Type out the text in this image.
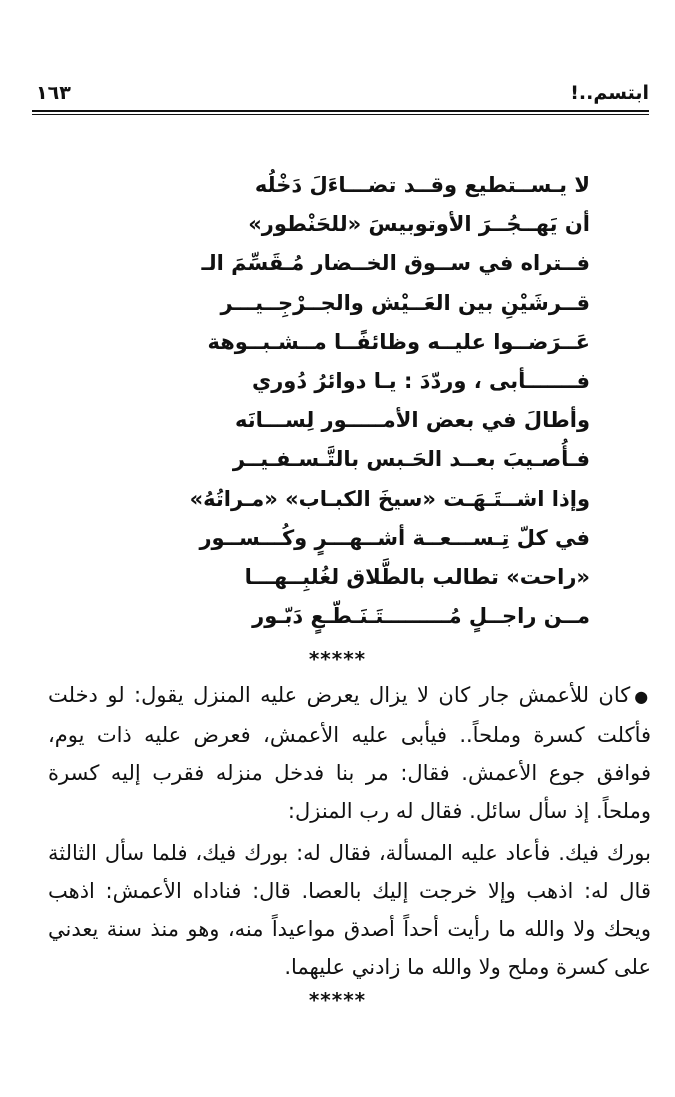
ابتسم..!
١٦٣
لا يـســتطيع وقــد تضـــاءَلَ دَخْلُه
أن يَهــجُــرَ الأوتوبيسَ «للحَنْطور»
فــتراه في ســوق الخــضار مُـقَسِّمَ الـ
قــرشَيْنِ بين العَــيْش والجــرْجِــيـــر
عَــرَضــوا عليــه وظائفًــا مــشـبــوهة
فـــــــأبى ، وردّدَ : يـا دوائرُ دُوري
وأطالَ في بعض الأمـــــور لِســـانَه
فـأُصـيبَ بعــد الحَـبس بالتَّـسـفـيــر
وإذا اشــتَـهَـت «سيخَ الكبـاب» «مـراتُهُ»
في كلّ تِـســـعــة أشــهـــرٍ وكُـــســور
«راحت» تطالب بالطَّلاق لغُلبِــهـــا
مــن راجــلٍ مُـــــــــتَـنَـطّـعٍ دَبّـور
*****
●كان للأعمش جار كان لا يزال يعرض عليه المنزل يقول: لو دخلت فأكلت كسرة وملحاً.. فيأبى عليه الأعمش، فعرض عليه ذات يوم، فوافق جوع الأعمش. فقال: مر بنا فدخل منزله فقرب إليه كسرة وملحاً. إذ سأل سائل. فقال له رب المنزل:
بورك فيك. فأعاد عليه المسألة، فقال له: بورك فيك، فلما سأل الثالثة قال له: اذهب وإلا خرجت إليك بالعصا. قال: فناداه الأعمش: اذهب ويحك ولا والله ما رأيت أحداً أصدق مواعيداً منه، وهو منذ سنة يعدني على كسرة وملح ولا والله ما زادني عليهما.
*****
